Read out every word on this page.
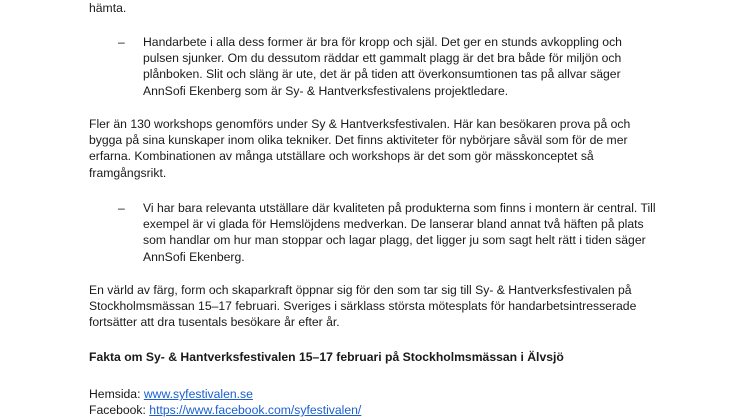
hämta.

– Handarbete i alla dess former är bra för kropp och själ. Det ger en stunds avkoppling och pulsen sjunker. Om du dessutom räddar ett gammalt plagg är det bra både för miljön och plånboken. Slit och släng är ute, det är på tiden att överkonsumtionen tas på allvar säger AnnSofi Ekenberg som är Sy- & Hantverksfestivalens projektledare.

Fler än 130 workshops genomförs under Sy & Hantverksfestivalen. Här kan besökaren prova på och bygga på sina kunskaper inom olika tekniker. Det finns aktiviteter för nybörjare såväl som för de mer erfarna. Kombinationen av många utställare och workshops är det som gör mässkonceptet så framgångsrikt.

– Vi har bara relevanta utställare där kvaliteten på produkterna som finns i montern är central. Till exempel är vi glada för Hemslöjdens medverkan. De lanserar bland annat två häften på plats som handlar om hur man stoppar och lagar plagg, det ligger ju som sagt helt rätt i tiden säger AnnSofi Ekenberg.

En värld av färg, form och skaparkraft öppnar sig för den som tar sig till Sy- & Hantverksfestivalen på Stockholmsmässan 15–17 februari. Sveriges i särklass största mötesplats för handarbetsintresserade fortsätter att dra tusentals besökare år efter år.

Fakta om Sy- & Hantverksfestivalen 15–17 februari på Stockholmsmässan i Älvsjö

Hemsida: www.syfestivalen.se

Facebook: https://www.facebook.com/syfestivalen/
